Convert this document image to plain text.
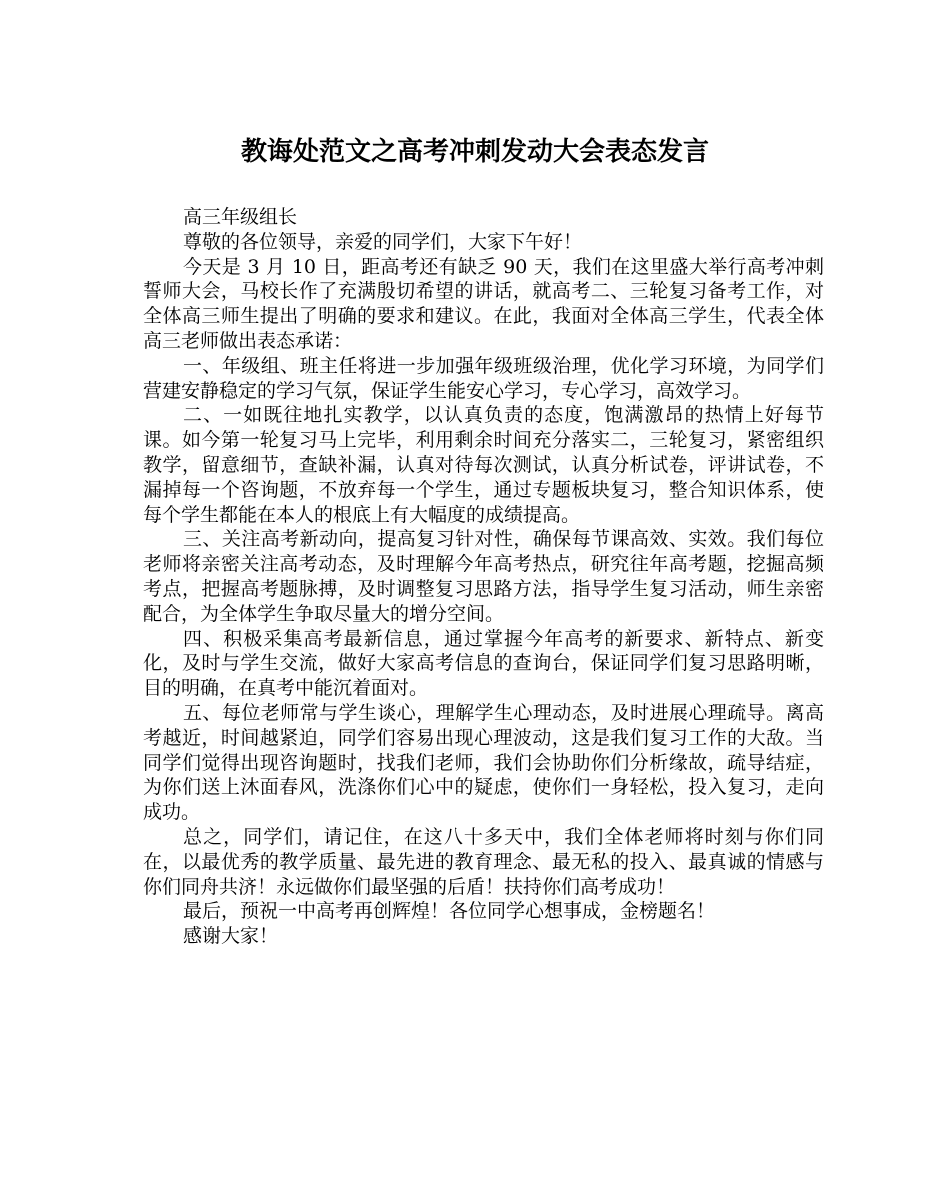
教诲处范文之高考冲刺发动大会表态发言

高三年级组长

尊敬的各位领导，亲爱的同学们，大家下午好！

今天是 3 月 10 日，距高考还有缺乏 90 天，我们在这里盛大举行高考冲刺誓师大会，马校长作了充满殷切希望的讲话，就高考二、三轮复习备考工作，对全体高三师生提出了明确的要求和建议。在此，我面对全体高三学生，代表全体高三老师做出表态承诺：

一、年级组、班主任将进一步加强年级班级治理，优化学习环境，为同学们营建安静稳定的学习气氛，保证学生能安心学习，专心学习，高效学习。

二、一如既往地扎实教学，以认真负责的态度，饱满激昂的热情上好每节课。如今第一轮复习马上完毕，利用剩余时间充分落实二，三轮复习，紧密组织教学，留意细节，查缺补漏，认真对待每次测试，认真分析试卷，评讲试卷，不漏掉每一个咨询题，不放弃每一个学生，通过专题板块复习，整合知识体系，使每个学生都能在本人的根底上有大幅度的成绩提高。

三、关注高考新动向，提高复习针对性，确保每节课高效、实效。我们每位老师将亲密关注高考动态，及时理解今年高考热点，研究往年高考题，挖掘高频考点，把握高考题脉搏，及时调整复习思路方法，指导学生复习活动，师生亲密配合，为全体学生争取尽量大的增分空间。

四、积极采集高考最新信息，通过掌握今年高考的新要求、新特点、新变化，及时与学生交流，做好大家高考信息的查询台，保证同学们复习思路明晰，目的明确，在真考中能沉着面对。

五、每位老师常与学生谈心，理解学生心理动态，及时进展心理疏导。离高考越近，时间越紧迫，同学们容易出现心理波动，这是我们复习工作的大敌。当同学们觉得出现咨询题时，找我们老师，我们会协助你们分析缘故，疏导结症，为你们送上沐面春风，洗涤你们心中的疑虑，使你们一身轻松，投入复习，走向成功。

总之，同学们，请记住，在这八十多天中，我们全体老师将时刻与你们同在，以最优秀的教学质量、最先进的教育理念、最无私的投入、最真诚的情感与你们同舟共济！永远做你们最坚强的后盾！扶持你们高考成功！

最后，预祝一中高考再创辉煌！各位同学心想事成，金榜题名！

感谢大家！
